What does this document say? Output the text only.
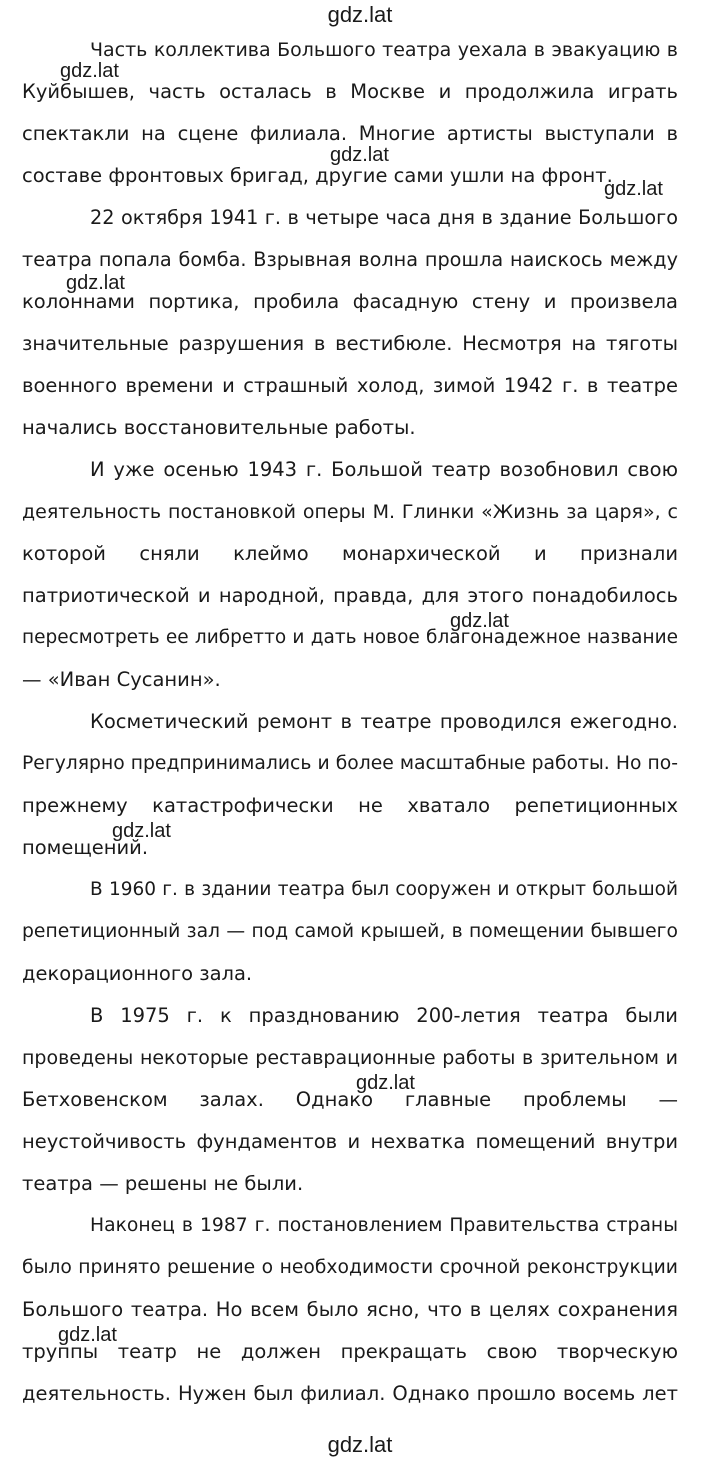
gdz.lat
Часть коллектива Большого театра уехала в эвакуацию в
Куйбышев, часть осталась в Москве и продолжила играть
спектакли на сцене филиала. Многие артисты выступали в
составе фронтовых бригад, другие сами ушли на фронт.
22 октября 1941 г. в четыре часа дня в здание Большого
театра попала бомба. Взрывная волна прошла наискось между
колоннами портика, пробила фасадную стену и произвела
значительные разрушения в вестибюле. Несмотря на тяготы
военного времени и страшный холод, зимой 1942 г. в театре
начались восстановительные работы.
И уже осенью 1943 г. Большой театр возобновил свою
деятельность постановкой оперы М. Глинки «Жизнь за царя», с
которой сняли клеймо монархической и признали
патриотической и народной, правда, для этого понадобилось
пересмотреть ее либретто и дать новое благонадежное название
— «Иван Сусанин».
Косметический ремонт в театре проводился ежегодно.
Регулярно предпринимались и более масштабные работы. Но по-
прежнему катастрофически не хватало репетиционных
помещений.
В 1960 г. в здании театра был сооружен и открыт большой
репетиционный зал — под самой крышей, в помещении бывшего
декорационного зала.
В 1975 г. к празднованию 200-летия театра были
проведены некоторые реставрационные работы в зрительном и
Бетховенском залах. Однако главные проблемы —
неустойчивость фундаментов и нехватка помещений внутри
театра — решены не были.
Наконец в 1987 г. постановлением Правительства страны
было принято решение о необходимости срочной реконструкции
Большого театра. Но всем было ясно, что в целях сохранения
труппы театр не должен прекращать свою творческую
деятельность. Нужен был филиал. Однако прошло восемь лет
gdz.lat
gdz.lat
gdz.lat
gdz.lat
gdz.lat
gdz.lat
gdz.lat
gdz.lat
gdz.lat
